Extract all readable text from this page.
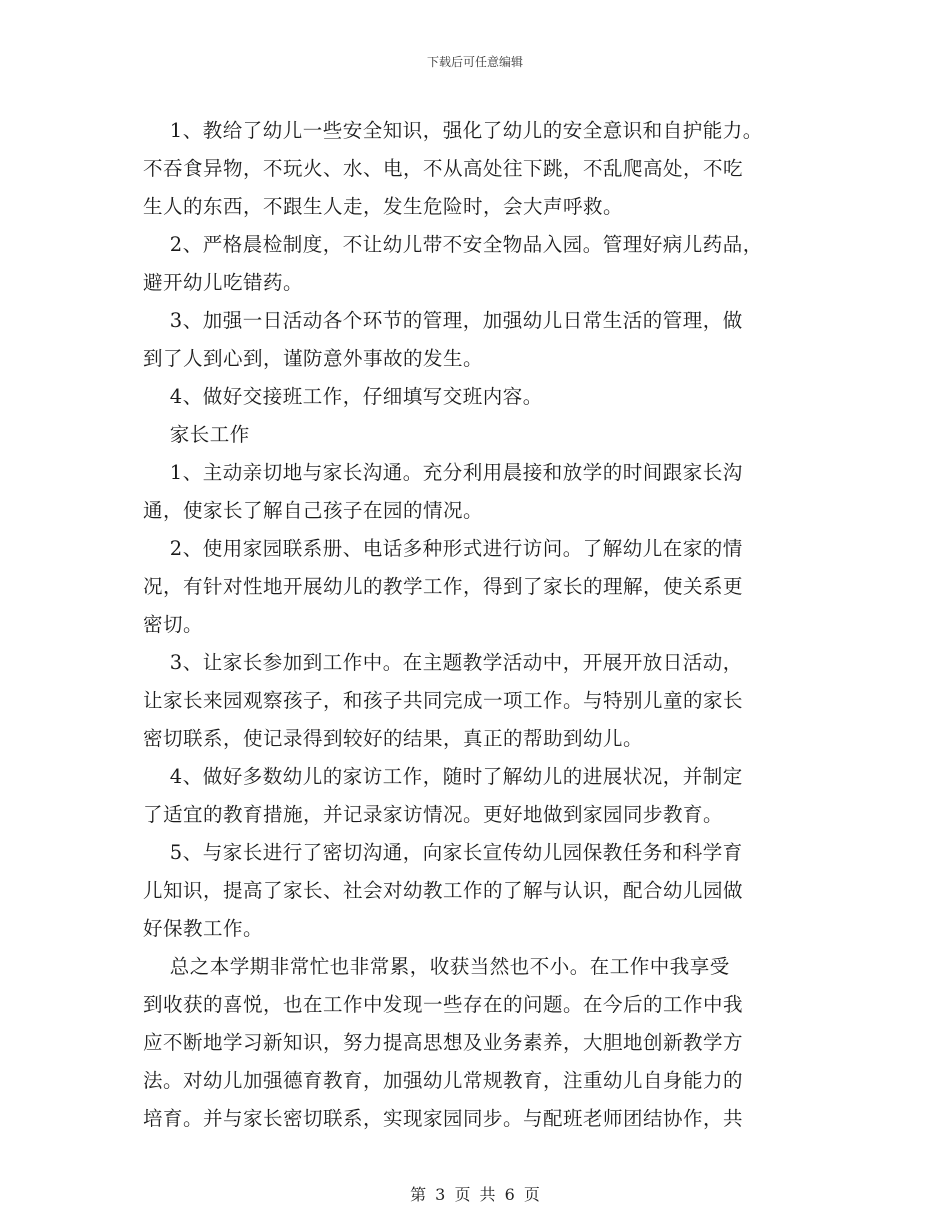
下载后可任意编辑
1、教给了幼儿一些安全知识，强化了幼儿的安全意识和自护能力。
不吞食异物，不玩火、水、电，不从高处往下跳，不乱爬高处，不吃
生人的东西，不跟生人走，发生危险时，会大声呼救。
2、严格晨检制度，不让幼儿带不安全物品入园。管理好病儿药品，
避开幼儿吃错药。
3、加强一日活动各个环节的管理，加强幼儿日常生活的管理，做
到了人到心到，谨防意外事故的发生。
4、做好交接班工作，仔细填写交班内容。
家长工作
1、主动亲切地与家长沟通。充分利用晨接和放学的时间跟家长沟
通，使家长了解自己孩子在园的情况。
2、使用家园联系册、电话多种形式进行访问。了解幼儿在家的情
况，有针对性地开展幼儿的教学工作，得到了家长的理解，使关系更
密切。
3、让家长参加到工作中。在主题教学活动中，开展开放日活动，
让家长来园观察孩子，和孩子共同完成一项工作。与特别儿童的家长
密切联系，使记录得到较好的结果，真正的帮助到幼儿。
4、做好多数幼儿的家访工作，随时了解幼儿的进展状况，并制定
了适宜的教育措施，并记录家访情况。更好地做到家园同步教育。
5、与家长进行了密切沟通，向家长宣传幼儿园保教任务和科学育
儿知识，提高了家长、社会对幼教工作的了解与认识，配合幼儿园做
好保教工作。
总之本学期非常忙也非常累，收获当然也不小。在工作中我享受
到收获的喜悦，也在工作中发现一些存在的问题。在今后的工作中我
应不断地学习新知识，努力提高思想及业务素养，大胆地创新教学方
法。对幼儿加强德育教育，加强幼儿常规教育，注重幼儿自身能力的
培育。并与家长密切联系，实现家园同步。与配班老师团结协作，共
第 3 页 共 6 页
